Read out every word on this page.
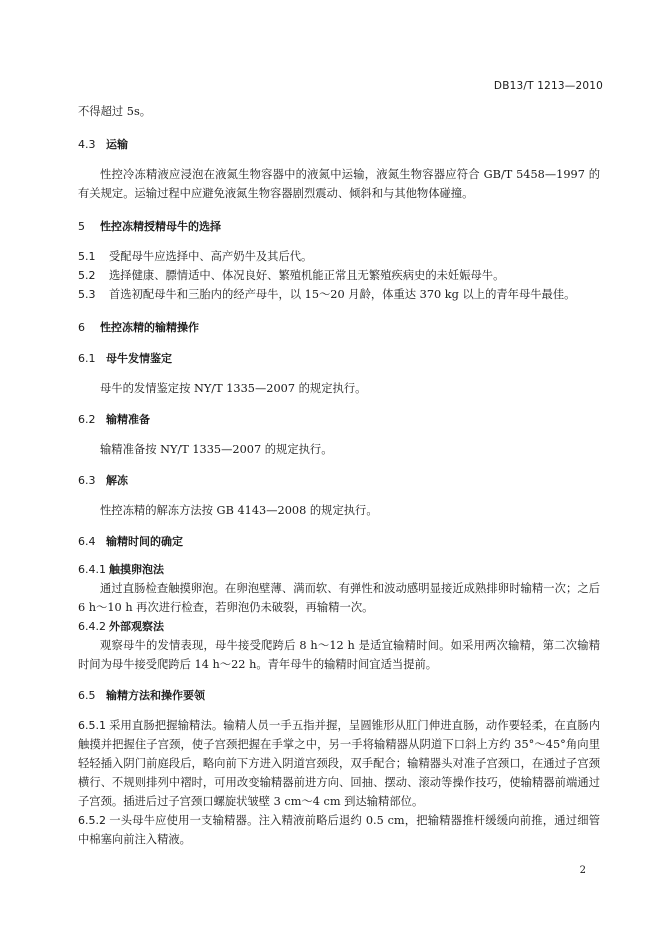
DB13/T 1213—2010

不得超过 5s。

4.3 运输

性控冷冻精液应浸泡在液氮生物容器中的液氮中运输，液氮生物容器应符合 GB/T 5458—1997 的有关规定。运输过程中应避免液氮生物容器剧烈震动、倾斜和与其他物体碰撞。

5 性控冻精授精母牛的选择

5.1 受配母牛应选择中、高产奶牛及其后代。

5.2 选择健康、膘情适中、体况良好、繁殖机能正常且无繁殖疾病史的未妊娠母牛。

5.3 首选初配母牛和三胎内的经产母牛，以 15～20 月龄，体重达 370 kg 以上的青年母牛最佳。

6 性控冻精的输精操作

6.1 母牛发情鉴定

母牛的发情鉴定按 NY/T 1335—2007 的规定执行。

6.2 输精准备

输精准备按 NY/T 1335—2007 的规定执行。

6.3 解冻

性控冻精的解冻方法按 GB 4143—2008 的规定执行。

6.4 输精时间的确定

6.4.1 触摸卵泡法

通过直肠检查触摸卵泡。在卵泡壁薄、满而软、有弹性和波动感明显接近成熟排卵时输精一次；之后 6 h～10 h 再次进行检查，若卵泡仍未破裂，再输精一次。

6.4.2 外部观察法

观察母牛的发情表现，母牛接受爬跨后 8 h～12 h 是适宜输精时间。如采用两次输精，第二次输精时间为母牛接受爬跨后 14 h～22 h。青年母牛的输精时间宜适当提前。

6.5 输精方法和操作要领

6.5.1 采用直肠把握输精法。输精人员一手五指并握，呈圆锥形从肛门伸进直肠，动作要轻柔，在直肠内触摸并把握住子宫颈，使子宫颈把握在手掌之中，另一手将输精器从阴道下口斜上方约 35°～45°角向里轻轻插入阴门前庭段后，略向前下方进入阴道宫颈段，双手配合；输精器头对准子宫颈口，在通过子宫颈横行、不规则排列中褶时，可用改变输精器前进方向、回抽、摆动、滚动等操作技巧，使输精器前端通过子宫颈。插进后过子宫颈口螺旋状皱壁 3 cm～4 cm 到达输精部位。

6.5.2 一头母牛应使用一支输精器。注入精液前略后退约 0.5 cm，把输精器推杆缓缓向前推，通过细管中棉塞向前注入精液。

2
